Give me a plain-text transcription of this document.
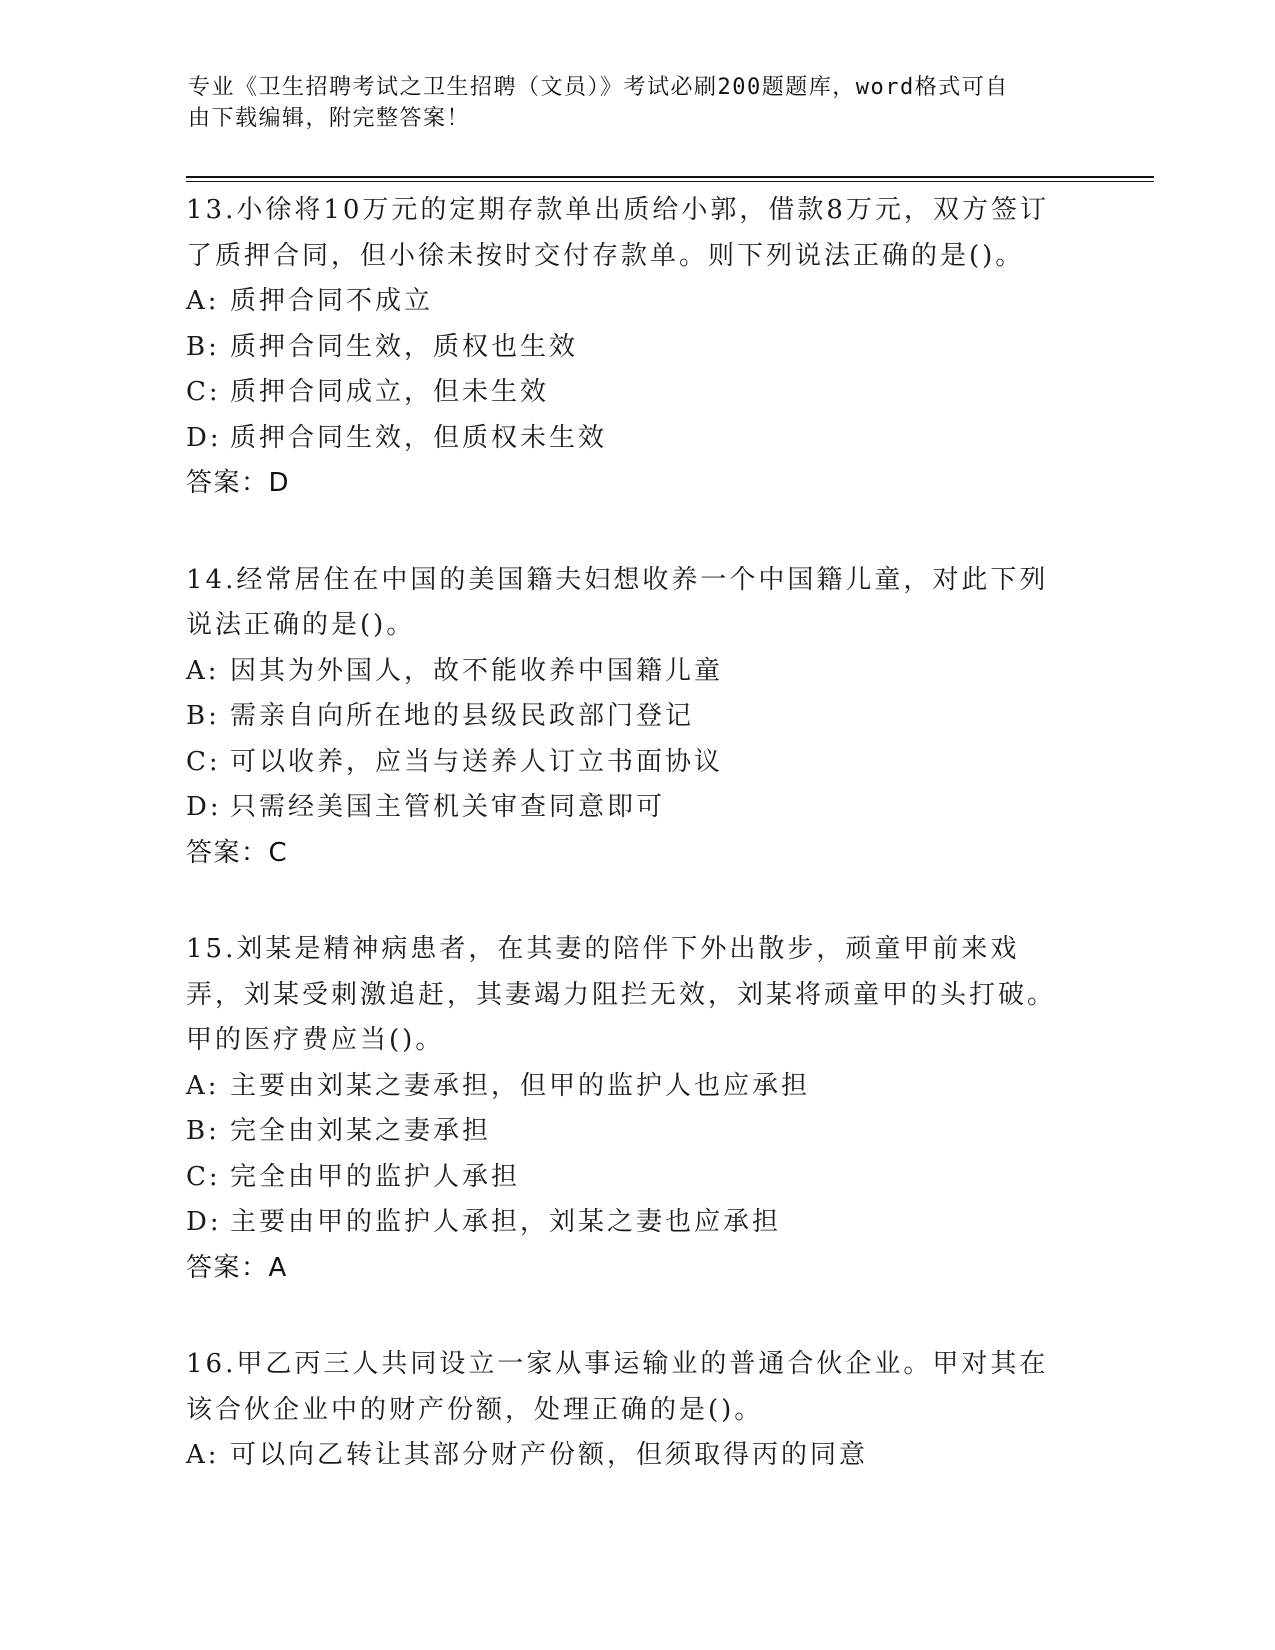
专业《卫生招聘考试之卫生招聘（文员）》考试必刷200题题库，word格式可自
由下载编辑，附完整答案！
13.小徐将10万元的定期存款单出质给小郭，借款8万元，双方签订了质押合同，但小徐未按时交付存款单。则下列说法正确的是()。
A: 质押合同不成立
B: 质押合同生效，质权也生效
C: 质押合同成立，但未生效
D: 质押合同生效，但质权未生效
答案：D
14.经常居住在中国的美国籍夫妇想收养一个中国籍儿童，对此下列说法正确的是()。
A: 因其为外国人，故不能收养中国籍儿童
B: 需亲自向所在地的县级民政部门登记
C: 可以收养，应当与送养人订立书面协议
D: 只需经美国主管机关审查同意即可
答案：C
15.刘某是精神病患者，在其妻的陪伴下外出散步，顽童甲前来戏弄，刘某受刺激追赶，其妻竭力阻拦无效，刘某将顽童甲的头打破。甲的医疗费应当()。
A: 主要由刘某之妻承担，但甲的监护人也应承担
B: 完全由刘某之妻承担
C: 完全由甲的监护人承担
D: 主要由甲的监护人承担，刘某之妻也应承担
答案：A
16.甲乙丙三人共同设立一家从事运输业的普通合伙企业。甲对其在该合伙企业中的财产份额，处理正确的是()。
A: 可以向乙转让其部分财产份额，但须取得丙的同意
